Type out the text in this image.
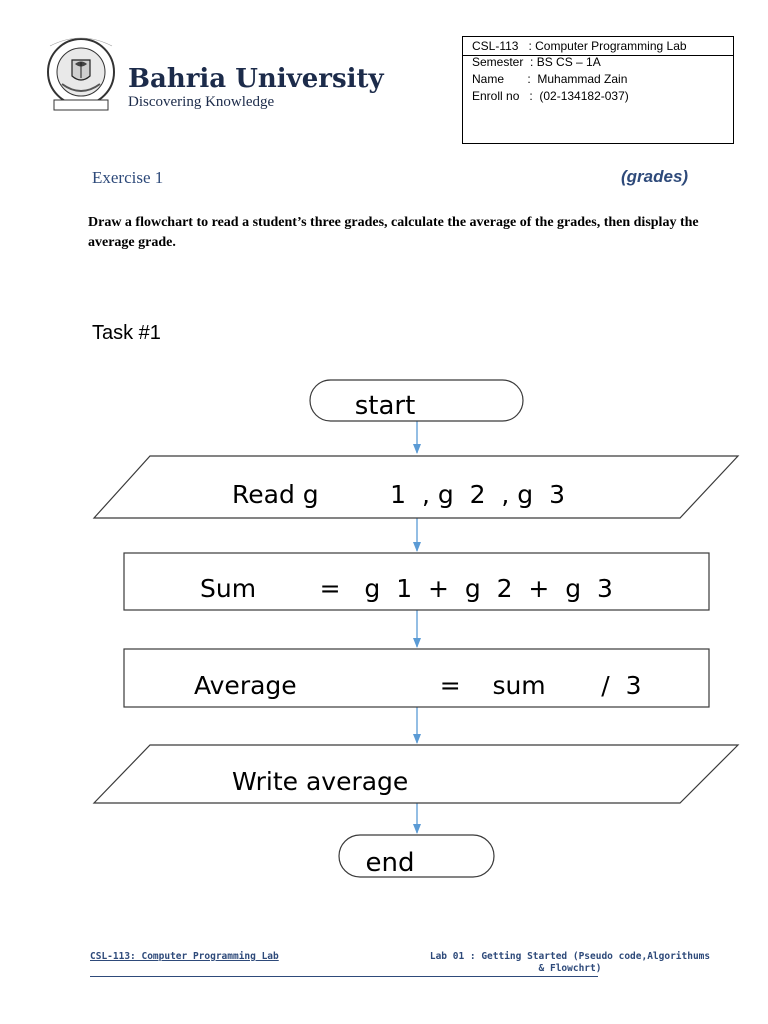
Bahria University
Discovering Knowledge
CSL-113   : Computer Programming Lab
Semester  : BS CS – 1A
Name       :  Muhammad Zain
Enroll no   :  (02-134182-037)
Exercise 1	(grades)
Draw a flowchart to read a student’s three grades, calculate the average of the grades, then display the average grade.
Task #1
start
Read g         1  , g  2  , g  3
Sum        =   g  1  +  g  2  +  g  3
Average                  =    sum       /  3
Write average
end
CSL-113: Computer Programming Lab	Lab 01 : Getting Started (Pseudo code,Algorithums
& Flowchrt)
